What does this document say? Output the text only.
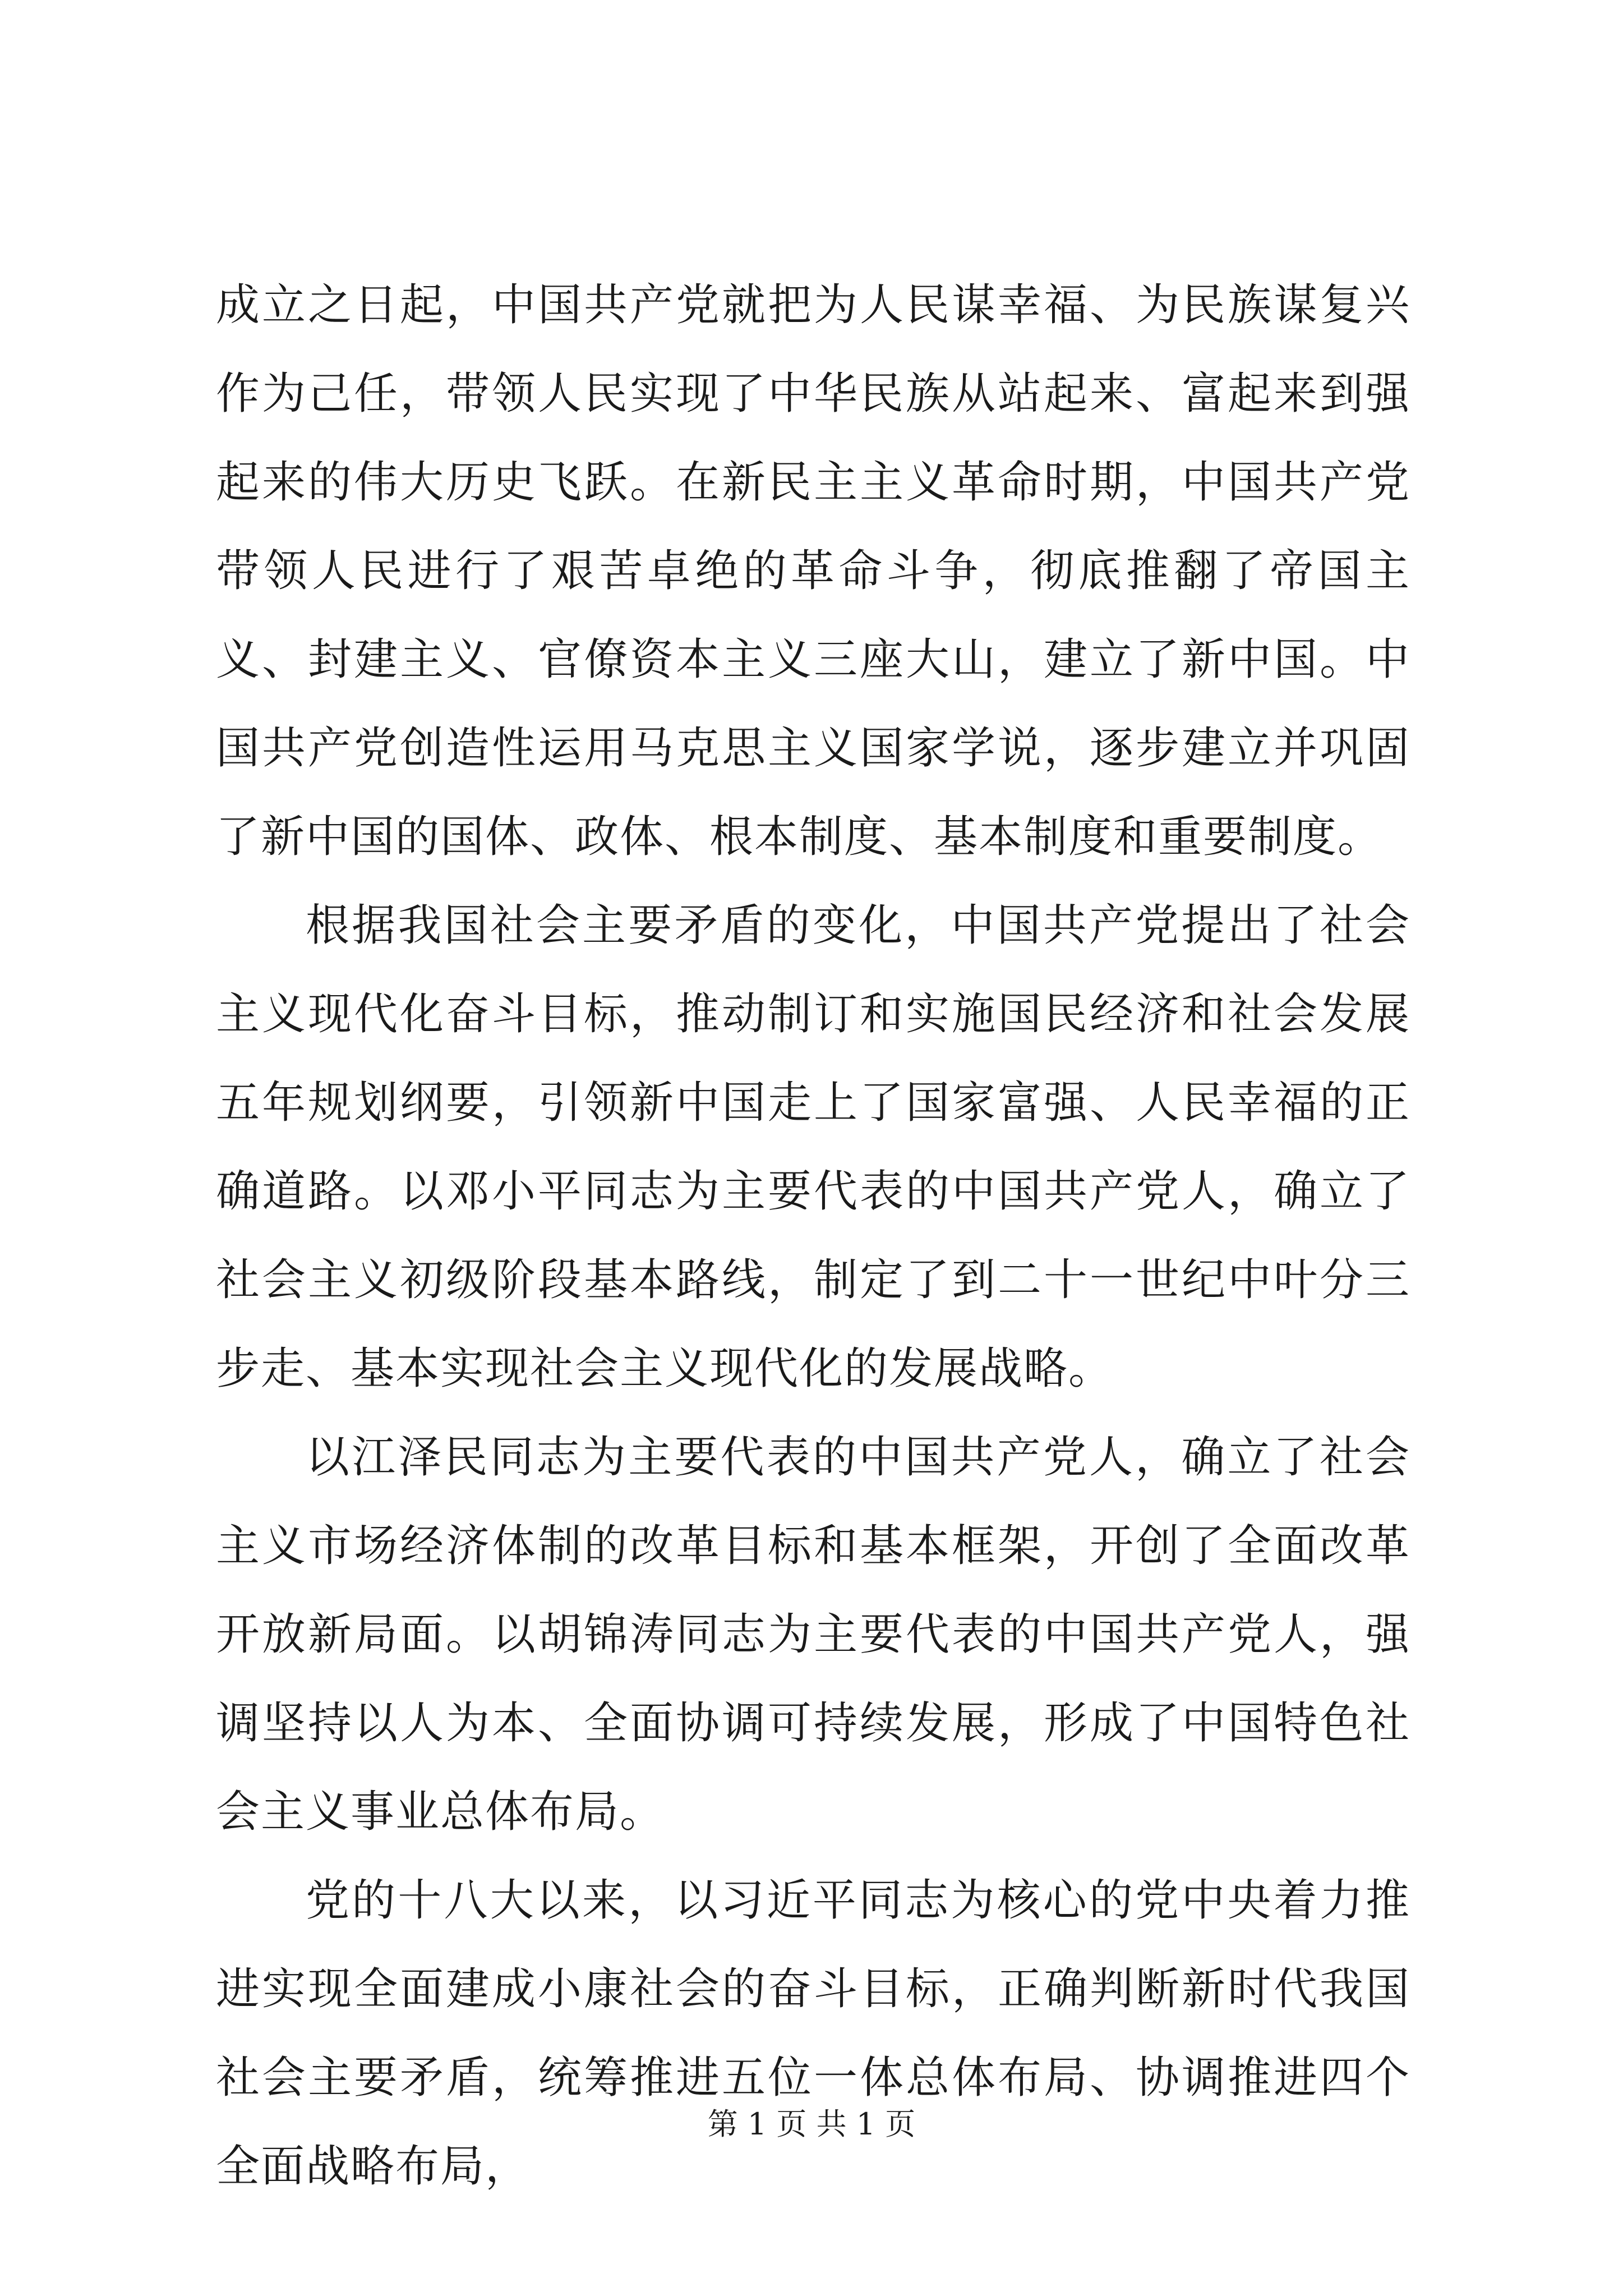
成立之日起，中国共产党就把为人民谋幸福、为民族谋复兴作为己任，带领人民实现了中华民族从站起来、富起来到强起来的伟大历史飞跃。在新民主主义革命时期，中国共产党带领人民进行了艰苦卓绝的革命斗争，彻底推翻了帝国主义、封建主义、官僚资本主义三座大山，建立了新中国。中国共产党创造性运用马克思主义国家学说，逐步建立并巩固了新中国的国体、政体、根本制度、基本制度和重要制度。

根据我国社会主要矛盾的变化，中国共产党提出了社会主义现代化奋斗目标，推动制订和实施国民经济和社会发展五年规划纲要，引领新中国走上了国家富强、人民幸福的正确道路。以邓小平同志为主要代表的中国共产党人，确立了社会主义初级阶段基本路线，制定了到二十一世纪中叶分三步走、基本实现社会主义现代化的发展战略。

以江泽民同志为主要代表的中国共产党人，确立了社会主义市场经济体制的改革目标和基本框架，开创了全面改革开放新局面。以胡锦涛同志为主要代表的中国共产党人，强调坚持以人为本、全面协调可持续发展，形成了中国特色社会主义事业总体布局。

党的十八大以来，以习近平同志为核心的党中央着力推进实现全面建成小康社会的奋斗目标，正确判断新时代我国社会主要矛盾，统筹推进五位一体总体布局、协调推进四个全面战略布局，

第 1 页 共 1 页
